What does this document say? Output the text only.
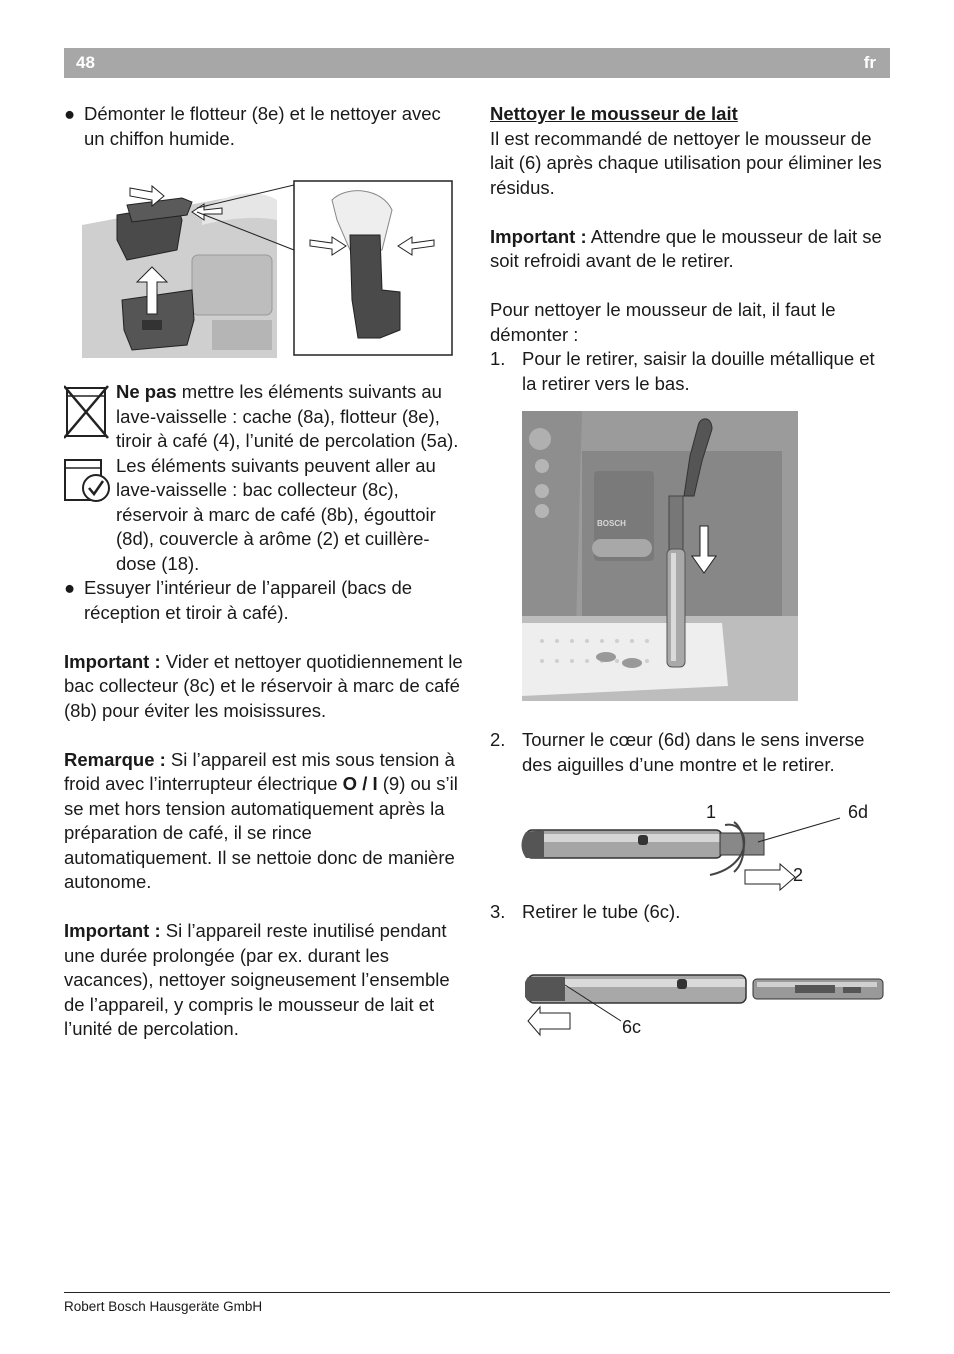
48	fr
● Démonter le flotteur (8e) et le nettoyer avec un chiffon humide.

Ne pas mettre les éléments suivants au lave-vaisselle : cache (8a), flotteur (8e), tiroir à café (4), l’unité de percolation (5a).

Les éléments suivants peuvent aller au lave-vaisselle : bac collecteur (8c), réservoir à marc de café (8b), égouttoir (8d), couvercle à arôme (2) et cuillère-dose (18).

● Essuyer l’intérieur de l’appareil (bacs de réception et tiroir à café).

Important : Vider et nettoyer quotidiennement le bac collecteur (8c) et le réservoir à marc de café (8b) pour éviter les moisissures.

Remarque : Si l’appareil est mis sous tension à froid avec l’interrupteur électrique O / I (9) ou s’il se met hors tension automatiquement après la préparation de café, il se rince automatiquement. Il se nettoie donc de manière autonome.

Important : Si l’appareil reste inutilisé pendant une durée prolongée (par ex. durant les vacances), nettoyer soigneusement l’ensemble de l’appareil, y compris le mousseur de lait et l’unité de percolation.

Nettoyer le mousseur de lait

Il est recommandé de nettoyer le mousseur de lait (6) après chaque utilisation pour éliminer les résidus.

Important : Attendre que le mousseur de lait se soit refroidi avant de le retirer.

Pour nettoyer le mousseur de lait, il faut le démonter :

1. Pour le retirer, saisir la douille métallique et la retirer vers le bas.

2. Tourner le cœur (6d) dans le sens inverse des aiguilles d’une montre et le retirer.

3. Retirer le tube (6c).

BOSCH
1	6d
2
6c
Robert Bosch Hausgeräte GmbH
